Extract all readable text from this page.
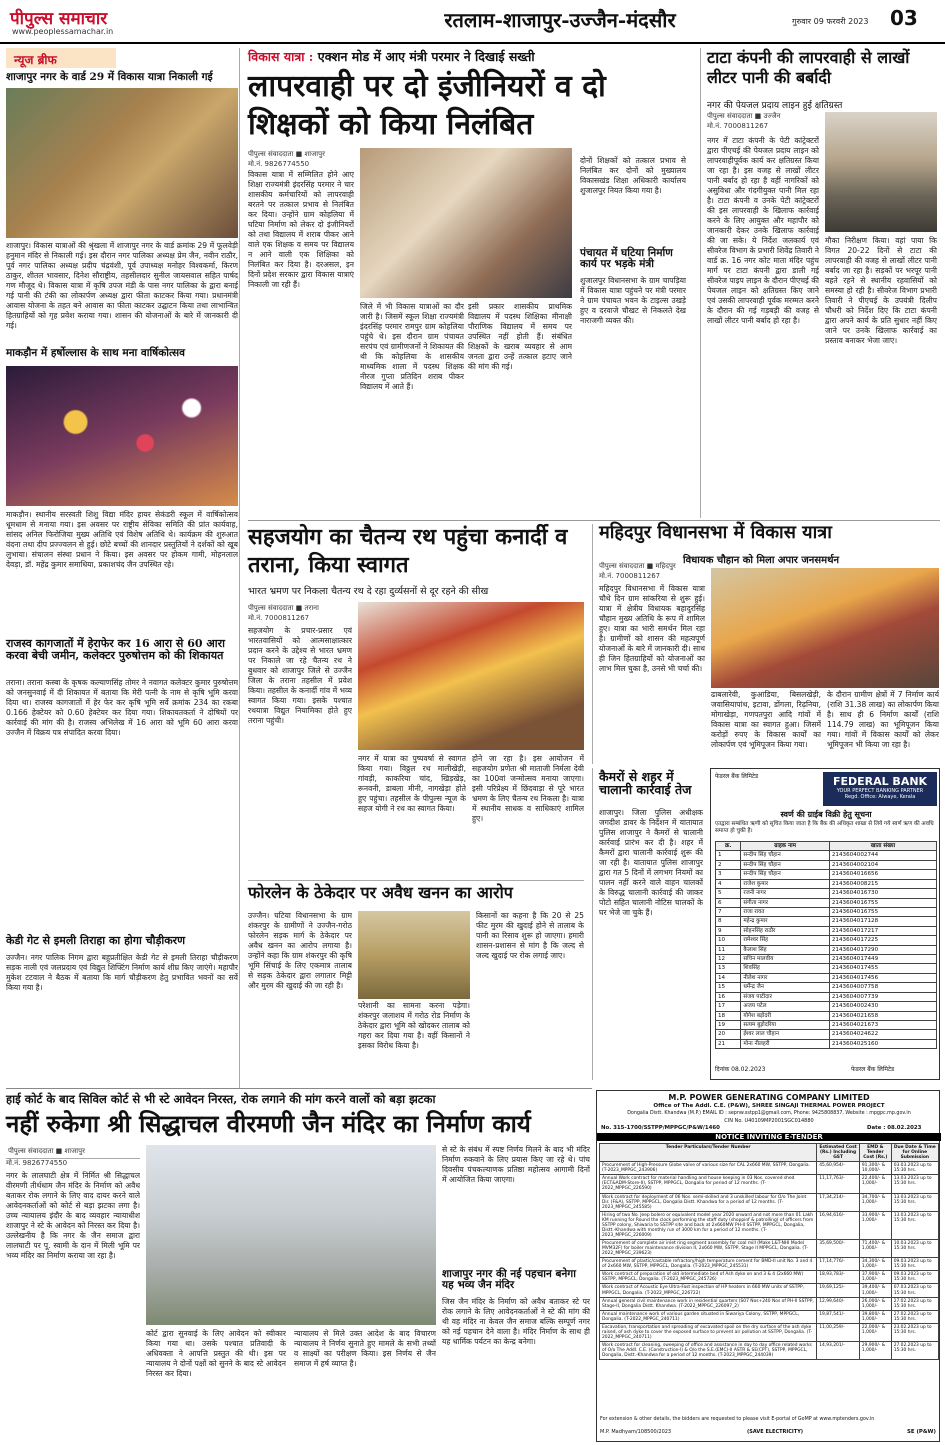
पीपुल्स समाचार
www.peoplessamachar.in	रतलाम-शाजापुर-उज्जैन-मंदसौर	गुरुवार 09 फरवरी 2023 03
न्यूज ब्रीफ
शाजापुर नगर के वार्ड 29 में विकास यात्रा निकाली गई
शाजापुर। विकास यात्राओं की श्रृंखला में शाजापुर नगर के वार्ड क्रमांक 29 में फूलवेड़ी हनुमान मंदिर से निकाली गई। इस दौरान नगर पालिका अध्यक्ष प्रेम जैन, नवीन राठौर, पूर्व नगर पालिका अध्यक्ष प्रदीप चंद्रवंशी, पूर्व उपाध्यक्ष मनोहर विश्वकर्मा, किरण ठाकुर, शीतल भावसार, दिनेश सौराष्ट्रीय, तहसीलदार सुनील जायसवाल सहित पार्षद गण मौजूद थे। विकास यात्रा में कृषि उपज मंडी के पास नगर पालिका के द्वारा बनाई गई पानी की टंकी का लोकार्पण अध्यक्ष द्वारा फीता काटकर किया गया। प्रधानमंत्री आवास योजना के तहत बने आवास का फीता काटकर उद्घाटन किया तथा लाभान्वित हितग्राहियों को गृह प्रवेश कराया गया। शासन की योजनाओं के बारे में जानकारी दी गई।
माकड़ौन में हर्षोल्लास के साथ मना वार्षिकोत्सव
माकड़ौन। स्थानीय सरस्वती शिशु विद्या मंदिर हायर सेकंडरी स्कूल में वार्षिकोत्सव धूमधाम से मनाया गया। इस अवसर पर राष्ट्रीय सेविका समिति की प्रांत कार्यवाह, सांसद अनिल फिरोजिया मुख्य अतिथि एवं विशेष अतिथि थे। कार्यक्रम की शुरुआत वंदना तथा दीप प्रज्ज्वलन से हुई। छोटे बच्चों की शानदार प्रस्तुतियों ने दर्शकों को खूब लुभाया। संचालन संस्था प्रधान ने किया। इस अवसर पर होकम गामी, मोहनलाल देवड़ा, डॉ. महेंद्र कुमार समाधिया, प्रकाशचंद जैन उपस्थित रहे।
राजस्व कागजातों में हेराफेर कर 16 आरा से 60 आरा करवा बेची जमीन, कलेक्टर पुरुषोत्तम को की शिकायत
तराना। तराना कस्बा के कृषक कल्याणसिंह तोमर ने नवागत कलेक्टर कुमार पुरुषोत्तम को जनसुनवाई में दी शिकायत में बताया कि मेरी पत्नी के नाम से कृषि भूमि करवा दिया था। राजस्व कागजातों में हेर फेर कर कृषि भूमि सर्वे क्रमांक 234 का रकबा 0.166 हेक्टेयर को 0.60 हेक्टेयर कर दिया गया। शिकायतकर्ता ने दोषियों पर कार्रवाई की मांग की है। राजस्व अभिलेख में 16 आरा को भूमि 60 आरा करवा उज्जैन में विक्रय पत्र संपादित करवा दिया।
केडी गेट से इमली तिराहा का होगा चौड़ीकरण
उज्जैन। नगर पालिक निगम द्वारा बहुप्रतीक्षित केडी गेट से इमली तिराहा चौड़ीकरण सड़क नाली एवं जलप्रदाय एवं विद्युत शिफ्टिंग निर्माण कार्य शीघ्र किए जाएंगे। महापौर मुकेश टटवाल ने बैठक में बताया कि मार्ग चौड़ीकरण हेतु प्रभावित भवनों का सर्वे किया गया है।
विकास यात्रा : एक्शन मोड में आए मंत्री परमार ने दिखाई सख्ती
लापरवाही पर दो इंजीनियरों व दो शिक्षकों को किया निलंबित
पीपुल्स संवाददाता ■ शाजापुर
मो.नं. 9826774550
विकास यात्रा में सम्मिलित होने आए शिक्षा राज्यमंत्री इंदरसिंह परमार ने चार शासकीय कर्मचारियों को लापरवाही बरतने पर तत्काल प्रभाव से निलंबित कर दिया। उन्होंने ग्राम कोहलिया में घटिया निर्माण को लेकर दो इंजीनियरों को तथा विद्यालय में शराब पीकर आने वाले एक शिक्षक व समय पर विद्यालय न आने वाली एक शिक्षिका को निलंबित कर दिया है। दरअसल, इन दिनों प्रदेश सरकार द्वारा विकास यात्राएं निकाली जा रही हैं।
जिले में भी विकास यात्राओं का दौर जारी है। जिसमें स्कूल शिक्षा राज्यमंत्री इंदरसिंह परमार रामपुर ग्राम कोहलिया पहुंचे थे। इस दौरान ग्राम पंचायत सरपंच एवं ग्रामीणजनों ने शिकायत की थी कि कोहलिया के शासकीय माध्यमिक शाला में पदस्थ शिक्षक नीरज गुप्ता प्रतिदिन शराब पीकर विद्यालय में आते हैं।
इसी प्रकार शासकीय प्राथमिक विद्यालय में पदस्थ शिक्षिका मीनाक्षी पौराणिक विद्यालय में समय पर उपस्थित नहीं होती हैं। संबंधित शिक्षकों के खराब व्यवहार से आम जनता द्वारा उन्हें तत्काल हटाए जाने की मांग की गई।
दोनों शिक्षकों को तत्काल प्रभाव से निलंबित कर दोनों को मुख्यालय विकासखंड शिक्षा अधिकारी कार्यालय शुजालपुर नियत किया गया है।
पंचायत में घटिया निर्माण कार्य पर भड़के मंत्री
शुजालपुर विधानसभा के ग्राम चापड़िया में विकास यात्रा पहुंचने पर मंत्री परमार ने ग्राम पंचायत भवन के टाइल्स उखड़े हुए व दरवाजे चौखट से निकलते देख नाराजगी व्यक्त की।
टाटा कंपनी की लापरवाही से लाखों लीटर पानी की बर्बादी
नगर की पेयजल प्रदाय लाइन हुई क्षतिग्रस्त
पीपुल्स संवाददाता ■ उज्जैन
मो.नं. 7000811267
नगर में टाटा कंपनी के पेटी कांट्रेक्टरों द्वारा पीएचई की पेयजल प्रदाय लाइन को लापरवाहीपूर्वक कार्य कर क्षतिग्रस्त किया जा रहा है। इस वजह से लाखों लीटर पानी बर्बाद हो रहा है वहीं नागरिकों को असुविधा और गंदगीयुक्त पानी मिल रहा है। टाटा कंपनी व उनके पेटी कांट्रेक्टरों की इस लापरवाही के खिलाफ कार्रवाई करने के लिए आयुक्त और महापौर को जानकारी देकर उनके खिलाफ कार्रवाई की जा सके। ये निर्देश जलकार्य एवं सीवरेज विभाग के प्रभारी शिवेंद्र तिवारी ने वार्ड क्र. 16 नगर कोट माता मंदिर पहुंच मार्ग पर टाटा कंपनी द्वारा डाली गई सीवरेज पाइप लाइन के दौरान पीएचई की पेयजल लाइन को क्षतिग्रस्त किए जाने एवं उसकी लापरवाही पूर्वक मरम्मत करने के दौरान की गई गड़बड़ी की वजह से लाखों लीटर पानी बर्बाद हो रहा है।
मौका निरीक्षण किया। वहां पाया कि विगत 20-22 दिनों से टाटा की लापरवाही की वजह से लाखों लीटर पानी बर्बाद जा रहा है। सड़कों पर भरपूर पानी बहते रहने से स्थानीय रहवासियों को समस्या हो रही है। सीवरेज विभाग प्रभारी तिवारी ने पीएचई के उपयंत्री दिलीप चौधरी को निर्देश दिए कि टाटा कंपनी द्वारा अपने कार्य के प्रति सुधार नहीं किए जाने पर उनके खिलाफ कार्रवाई का प्रस्ताव बनाकर भेजा जाए।
सहजयोग का चैतन्य रथ पहुंचा कनार्दी व तराना, किया स्वागत
भारत भ्रमण पर निकला चैतन्य रथ दे रहा दुर्व्यसनों से दूर रहने की सीख
पीपुल्स संवाददाता ■ तराना
मो.नं. 7000811267
सहजयोग के प्रचार-प्रसार एवं भारतवासियों को आत्मसाक्षात्कार प्रदान करने के उद्देश्य से भारत भ्रमण पर निकाले जा रहे चैतन्य रथ ने बुधवार को शाजापुर जिले से उज्जैन जिला के तराना तहसील में प्रवेश किया। तहसील के कनार्दी गांव में भव्य स्वागत किया गया। इसके पश्चात रथयात्रा विद्युत नियामिका होते हुए तराना पहुंची।
नगर में यात्रा का पुष्पवर्षा से स्वागत किया गया। विठ्ठल रथ मालीखेड़ी, गांवड़ी, काकरिया चांद, खिड़खेड़, रूनवनी, डाबला मीनी, नागखेड़ा होते हुए पहुंचा। तहसील के पीपुल्स न्यूज के सहज योगी ने रथ का स्वागत किया।
होने जा रहा है। इस आयोजन में सहजयोग प्रणेता श्री माताजी निर्मला देवी का 100वां जन्मोत्सव मनाया जाएगा। इसी परिप्रेक्ष्य में छिंदवाड़ा से पूरे भारत भ्रमण के लिए चैतन्य रथ निकला है। यात्रा में स्थानीय साधक व साधिकाएं शामिल हुए।
फोरलेन के ठेकेदार पर अवैध खनन का आरोप
उज्जैन। घटिया विधानसभा के ग्राम शंकरपुर के ग्रामीणों ने उज्जैन-गरोठ फोरलेन सड़क मार्ग के ठेकेदार पर अवैध खनन का आरोप लगाया है। उन्होंने कहा कि ग्राम शंकरपुर की कृषि भूमि सिंचाई के लिए एकमात्र तालाब से सड़क ठेकेदार द्वारा लगातार मिट्टी और मुरम की खुदाई की जा रही है।
परेशानी का सामना करना पड़ेगा। शंकरपुर जलाशय में गरोठ रोड निर्माण के ठेकेदार द्वारा भूमि को खोदकर तालाब को गहरा कर दिया गया है। वहीं किसानों ने इसका विरोध किया है।
किसानों का कहना है कि 20 से 25 फीट मुरम की खुदाई होने से तालाब के पानी का रिसाव शुरू हो जाएगा। हमारी शासन-प्रशासन से मांग है कि जल्द से जल्द खुदाई पर रोक लगाई जाए।
महिदपुर विधानसभा में विकास यात्रा
विधायक चौहान को मिला अपार जनसमर्थन
पीपुल्स संवाददाता ■ महिदपुर
मो.नं. 7000811267
महिदपुर विधानसभा में विकास यात्रा चौथे दिन ग्राम सांकरिया से शुरू हुई। यात्रा में क्षेत्रीय विधायक बहादुरसिंह चौहान मुख्य अतिथि के रूप में शामिल हुए। यात्रा का भारी समर्थन मिल रहा है। ग्रामीणों को शासन की महत्वपूर्ण योजनाओं के बारे में जानकारी दी। साथ ही जिन हितग्राहियों को योजनाओं का लाभ मिल चुका है, उनसे भी चर्चा की।
ढाबलारेवी, कुआडिया, बिसलखेड़ी, जवासियापांथ, इटावा, डोंगला, रिढ़निया, मोगाखेड़ा, गणपतपुरा आदि गांवों में विकास यात्रा का स्वागत हुआ। जिसमें करोड़ों रुपए के विकास कार्यों का लोकार्पण एवं भूमिपूजन किया गया।
के दौरान ग्रामीण क्षेत्रों में 7 निर्माण कार्य (राशि 31.38 लाख) का लोकार्पण किया है। साथ ही 6 निर्माण कार्यों (राशि 114.79 लाख) का भूमिपूजन किया गया। गांवों में विकास कार्यों को लेकर भूमिपूजन भी किया जा रहा है।
कैमरों से शहर में चालानी कार्रवाई तेज
शाजापुर। जिला पुलिस अधीक्षक जगदीश डावर के निर्देशन में यातायात पुलिस शाजापुर ने कैमरों से चालानी कार्रवाई प्रारंभ कर दी है। शहर में कैमरों द्वारा चालानी कार्रवाई शुरू की जा रही है। यातायात पुलिस शाजापुर द्वारा गत 5 दिनों में लगभग नियमों का पालन नहीं करने वाले वाहन चालकों के विरुद्ध चालानी कार्रवाई की जाकर पोटो सहित चालानी नोटिस चालकों के घर भेजे जा चुके हैं।
फेडरल बैंक लिमिटेड	FEDERAL BANK
YOUR PERFECT BANKING PARTNER
Regd. Office: Alwaye, Kerala
स्वर्ण की ग्राईब विक्री हेतु सूचना
एतद्वारा सम्बंधित ऋणी को सूचित किया जाता है कि बैंक की अधिकृत शाखा से लिये गये स्वर्ण ऋण की अवधि समाप्त हो चुकी है।
क्र.	ग्राहक नाम	खाता संख्या
1	सन्दीप सिंह चौहान	2143604002744
2	सन्दीप सिंह चौहान	2143604002104
3	सन्दीप सिंह चौहान	2143604016656
4	राजेश कुमार	2143604008215
5	रजनी नागर	2143604016730
6	संगीता नागर	2143604016755
7	राजा रावत	2143604016755
8	महेन्द्र कुमार	2143604017128
9	सोहनसिंह राठौर	2143604017217
10	रामेश्वर सिंह	2143604017225
11	कैलाश सिंह	2143604017290
12	सचिन मालवीय	2143604017449
13	शिवसिंह	2143604017455
14	नीलेश नागर	2143604017456
15	धर्मेन्द्र जैन	2143604007758
16	संजय पाटीदार	2143604007739
17	अजय पटेल	2143604002430
18	योगेश बड़ोदरी	2143604021658
19	सत्यम बुड़ोदरिया	2143604021673
20	ईश्वर लाल चौहान	2143604024622
21	मोना नीलहरी	2143604025160
दिनांक 08.02.2023	फेडरल बैंक लिमिटेड
हाई कोर्ट के बाद सिविल कोर्ट से भी स्टे आवेदन निरस्त, रोक लगाने की मांग करने वालों को बड़ा झटका
नहीं रुकेगा श्री सिद्धाचल वीरमणी जैन मंदिर का निर्माण कार्य
पीपुल्स संवाददाता ■ शाजापुर
मो.नं. 9826774550
नगर के लालघाटी क्षेत्र में निर्मित श्री सिद्धाचल वीरमणी तीर्थधाम जैन मंदिर के निर्माण को अवैध बताकर रोक लगाने के लिए वाद दायर करने वाले आवेदनकर्ताओं को कोर्ट से बड़ा झटका लगा है। उच्च न्यायालय इंदौर के बाद व्यवहार न्यायाधीश शाजापुर ने स्टे के आवेदन को निरस्त कर दिया है। उल्लेखनीय है कि नगर के जैन समाज द्वारा लालघाटी पर पू. स्वामी के दान में मिली भूमि पर भव्य मंदिर का निर्माण कराया जा रहा है।
कोर्ट द्वारा सुनवाई के लिए आवेदन को स्वीकार किया गया था। उसके पश्चात प्रतिवादी के अधिवक्ता ने आपत्ति प्रस्तुत की थी। इस पर न्यायालय ने दोनों पक्षों को सुनने के बाद स्टे आवेदन निरस्त कर दिया।
न्यायालय से मिले उक्त आदेश के बाद विचारण न्यायालय ने निर्णय सुनाते हुए मामले के सभी तथ्यों व साक्ष्यों का परीक्षण किया। इस निर्णय से जैन समाज में हर्ष व्याप्त है।
से स्टे के संबंध में स्पष्ट निर्णय मिलने के बाद भी मंदिर निर्माण रुकवाने के लिए प्रयास किए जा रहे थे। पांच दिवसीय पंचकल्याणक प्रतिष्ठा महोत्सव आगामी दिनों में आयोजित किया जाएगा।
शाजापुर नगर की नई पहचान बनेगा यह भव्य जैन मंदिर
जिस जैन मंदिर के निर्माण को अवैध बताकर स्टे पर रोक लगाने के लिए आवेदनकर्ताओं ने स्टे की मांग की थी वह मंदिर ना केवल जैन समाज बल्कि सम्पूर्ण नगर को नई पहचान देने वाला है। मंदिर निर्माण के साथ ही यह धार्मिक पर्यटन का केन्द्र बनेगा।
M.P. POWER GENERATING COMPANY LIMITED
Office of The Addl. C.E. (P&W), SHREE SINGAJI THERMAL POWER PROJECT
Dongalia Distt. Khandwa (M.P.) EMAIL ID : sepnw.sstpp1@gmail.com, Phone: 9425808837, Website : mpgpc.mp.gov.in
CIN No. U40109MP2001SGC014880
No. 315-1700/SSTPP/MPPGC/P&W/1460	Date : 08.02.2023
NOTICE INVITING E-TENDER
Tender Particulars/Tender Number	Estimated Cost (Rs.) Including GST	EMD & Tender Cost (Rs.)	Due Date & Time for Online Submission
Procurement of High-Pressure Globe valve of various size for CAL 2x660 MW, SSTPP, Dongalia. (T-2023_MPPGC_243906)	45,60,954/-	91,300/- & 10,000/-	03.03.2023 up to 15:30 hrs.
Annual Work contract for material handling and house keeping in 03 Nos. covered shed (ECT&ADM-Store-II), SSTPP, MPPGCL, Dongalia for period of 12 months. (T-2022_MPPGC_226590)	11,17,763/-	22,400/- & 1,000/-	13.03.2023 up to 15:30 hrs.
Work contract for deployment of 06 Nos. semi-skilled and 3 unskilled labour for O/o The Joint Dir. (F&A), SSTPP, MPPGCL, Dongalia Distt. Khandwa for a period of 12 months. (T-2023_MPPGC_245585)	17,34,214/-	34,700/- & 1,000/-	13.03.2023 up to 15:30 hrs.
Hiring of two No. Jeep bolero or equivalent model year 2020 onward and not more than 01 Lakh KM running for Round the clock performing the staff duty (shoppinf & patrolling) of officers from SSTPP colony, Shiwaria to SSTPP site and back at 2x660MW PH-II SSTPP, MPPGCL, Dongalia, Distt.-Khandwa with monthly run of 3000 km for a period of 12 months. (T-2023_MPPGC_226009)	16,94,616/-	33,900/- & 1,000/-	13.03.2023 up to 15:30 hrs.
Procurement of complete air inlet ring segment assembly for coal mill (Make L&T-NHI Model MVM32F) for boiler maintenance division II, 2x660 MW, SSTPP, Stage II MPPGCL, Dongalia. (T-2022_MPPGC_239623)	35,69,500/-	71,400/- & 1,000/-	10.03.2023 up to 15:30 hrs.
Procurement of plastic/castable refractory/high temperature cement for BMD-II unit No. 3 and 4 of 2x660 MW, SSTPP, MPPGCL, Dongalia. (T-2023_MPPGC_245531)	17,14,776/-	34,300/- & 1,000/-	09.03.2023 up to 15:30 hrs.
Work contract of preparation of old intermediate bed of Ash dyke on and 3 & 4 (2x660 MW) SSTPP, MPPGCL, Dongalia. (T-2023_MPPGC_245726)	18,93,783/-	37,900/- & 1,000/-	09.03.2023 up to 15:30 hrs.
Work contract of Acoustic Eye Ultra-Fast inspection of HP heaters in 660 MW units of SSTPP, MPPGCL, Dongalia. (T-2022_MPPGC_226722)	19,69,125/-	39,400/- & 1,000/-	07.03.2023 up to 15:30 hrs.
Annual general civil maintenance work in residential quarters (S07 Nos+240 Nos of PH-II SSTPP, Stage-II, Dongalia Distt. Khandwa. (T-2022_MPPGC_226097_2)	12,99,640/-	26,000/- & 1,000/-	27.02.2023 up to 15:30 hrs.
Annual maintenance work of various garden situated in Siwariya Colony, SSTPP, MPPGCL, Dongalia. (T-2022_MPPGC_240711)	19,87,541/-	39,800/- & 1,000/-	27.02.2023 up to 15:30 hrs.
Excavation, transportation and spreading of excavated spoil on the dry surface of the ash dyke raised, of ash dyke to cover the exposed surface to prevent air pollution at SSTPP, Dongalia. (T-2022_MPPGC_240711)	11,00,259/-	22,000/- & 1,000/-	23.02.2023 up to 15:30 hrs.
Work contract for cleaning, sweeping of office and assistance in day to day office related works of O/o The Addl. C.E. (Construction-I) & O/o the S.E.(EMC)-II ASTR & SE(CPT), SSTPP, MPPGCL, Dongalia, Distt.-Khandwa for a period of 12 months. (T-2023_MPPGC_244039)	14,93,201/-	29,900/- & 1,000/-	27.02.2023 up to 15:30 hrs.
For extension & other details, the bidders are requested to please visit E-portal of GoMP at www.mptenders.gov.in
SE (P&W)
M.P. Madhyam/108500/2023	(SAVE ELECTRICITY)
